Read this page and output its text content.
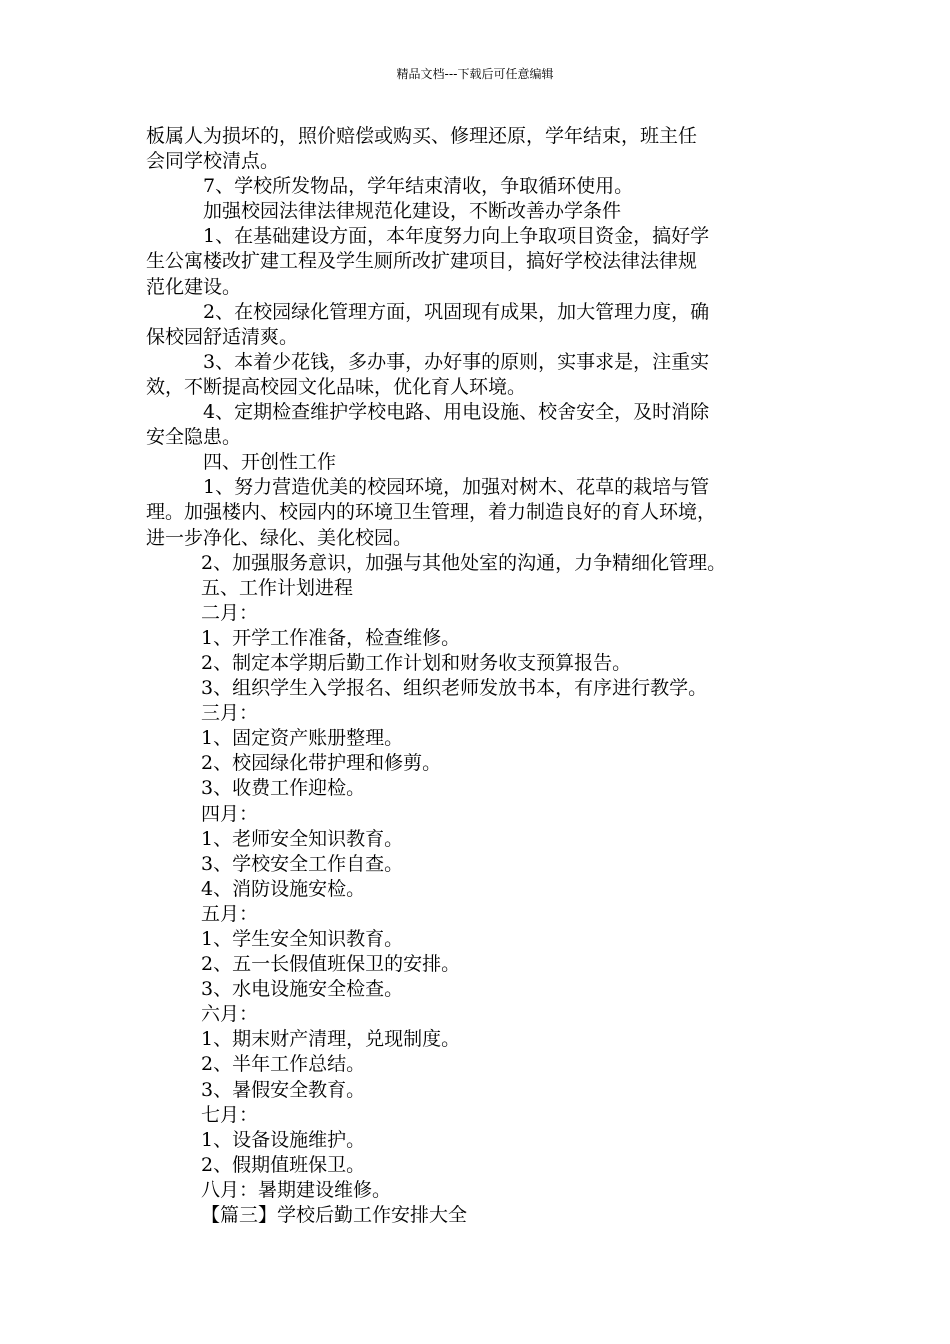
精品文档---下载后可任意编辑
板属人为损坏的，照价赔偿或购买、修理还原，学年结束，班主任
会同学校清点。
7、学校所发物品，学年结束清收，争取循环使用。
加强校园法律法律规范化建设，不断改善办学条件
1、在基础建设方面，本年度努力向上争取项目资金，搞好学
生公寓楼改扩建工程及学生厕所改扩建项目，搞好学校法律法律规
范化建设。
2、在校园绿化管理方面，巩固现有成果，加大管理力度，确
保校园舒适清爽。
3、本着少花钱，多办事，办好事的原则，实事求是，注重实
效，不断提高校园文化品味，优化育人环境。
4、定期检查维护学校电路、用电设施、校舍安全，及时消除
安全隐患。
四、开创性工作
1、努力营造优美的校园环境，加强对树木、花草的栽培与管
理。加强楼内、校园内的环境卫生管理，着力制造良好的育人环境，
进一步净化、绿化、美化校园。
2、加强服务意识，加强与其他处室的沟通，力争精细化管理。
五、工作计划进程
二月：
1、开学工作准备，检查维修。
2、制定本学期后勤工作计划和财务收支预算报告。
3、组织学生入学报名、组织老师发放书本，有序进行教学。
三月：
1、固定资产账册整理。
2、校园绿化带护理和修剪。
3、收费工作迎检。
四月：
1、老师安全知识教育。
3、学校安全工作自查。
4、消防设施安检。
五月：
1、学生安全知识教育。
2、五一长假值班保卫的安排。
3、水电设施安全检查。
六月：
1、期末财产清理，兑现制度。
2、半年工作总结。
3、暑假安全教育。
七月：
1、设备设施维护。
2、假期值班保卫。
八月：暑期建设维修。
【篇三】学校后勤工作安排大全
